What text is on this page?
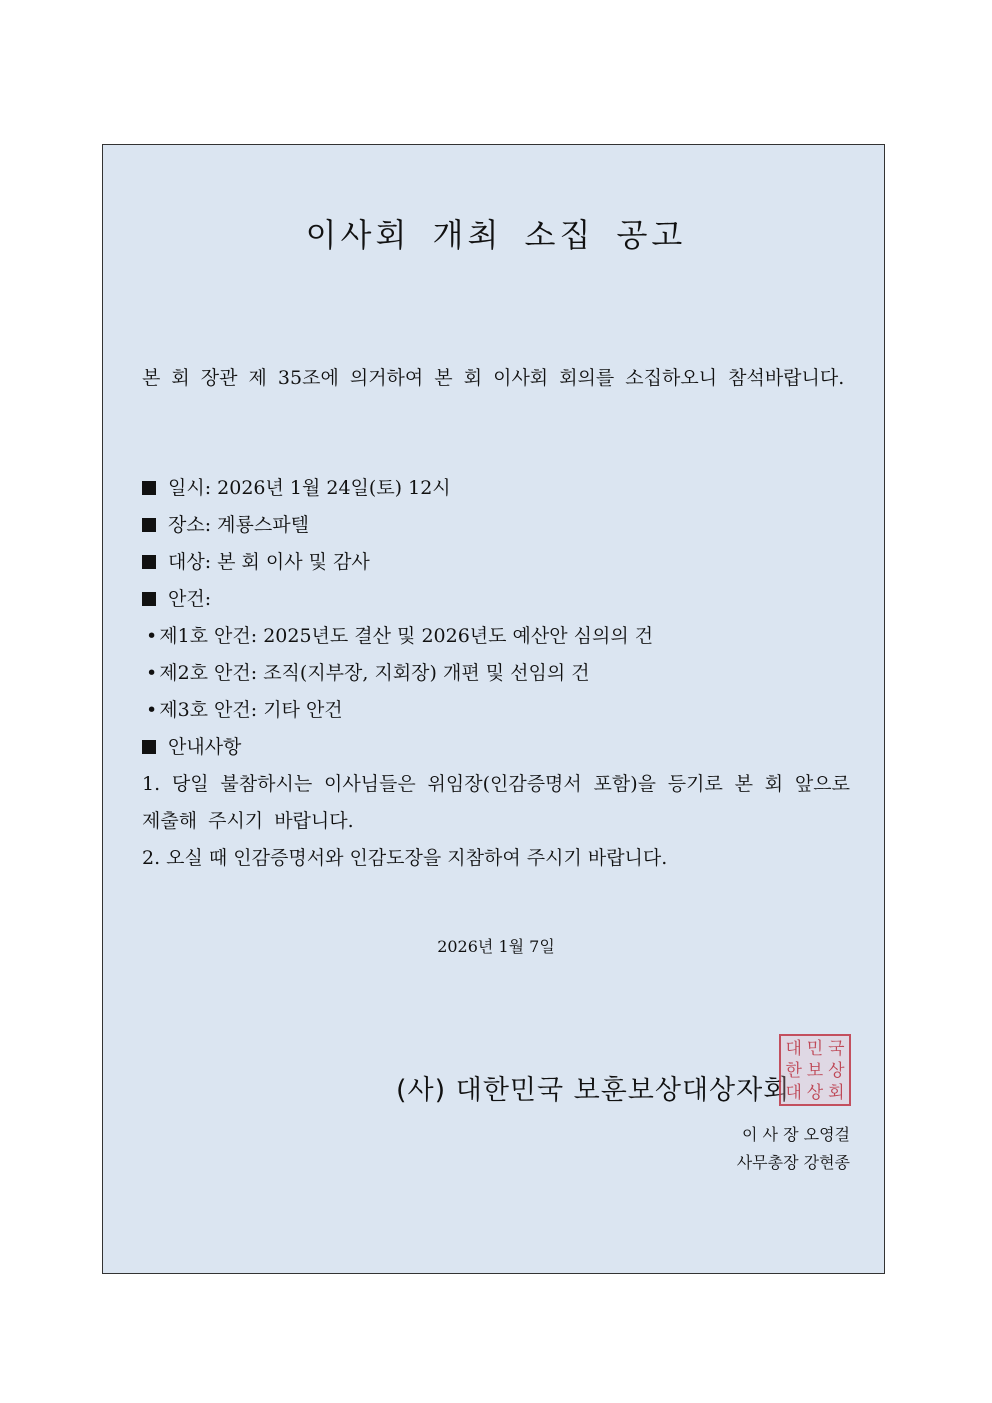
이사회 개최 소집 공고
본 회 장관 제 35조에 의거하여 본 회 이사회 회의를 소집하오니 참석바랍니다.
일시: 2026년 1월 24일(토) 12시
장소: 계룡스파텔
대상: 본 회 이사 및 감사
안건:
• 제1호 안건: 2025년도 결산 및 2026년도 예산안 심의의 건
• 제2호 안건: 조직(지부장, 지회장) 개편 및 선임의 건
• 제3호 안건: 기타 안건
안내사항
1. 당일 불참하시는 이사님들은 위임장(인감증명서 포함)을 등기로 본 회 앞으로 제출해 주시기 바랍니다.
2. 오실 때 인감증명서와 인감도장을 지참하여 주시기 바랍니다.
2026년 1월 7일
(사) 대한민국 보훈보상대상자회
대 민 국
한 보 상
대 상 회
이 사 장 오영걸
사무총장 강현종
